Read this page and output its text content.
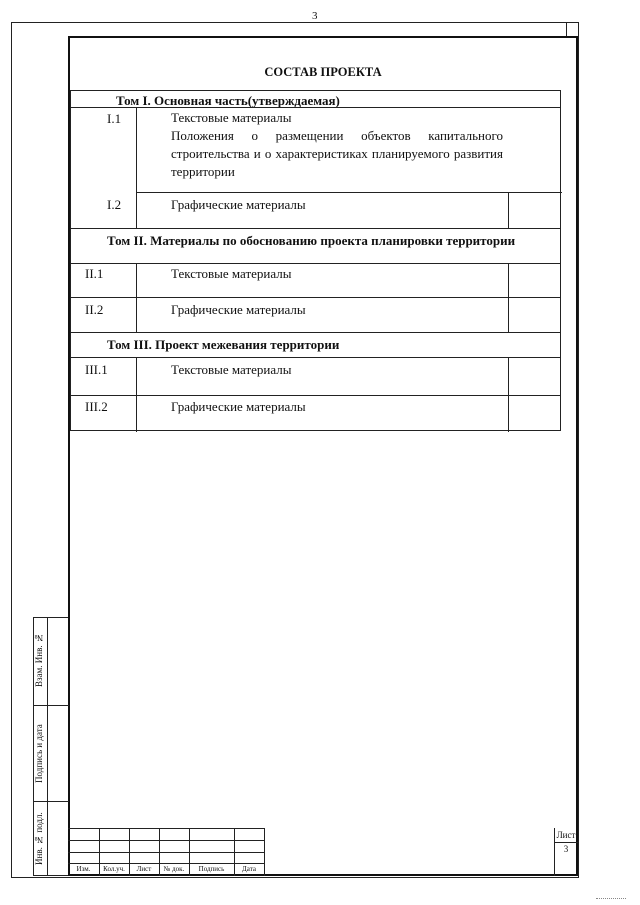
3
СОСТАВ ПРОЕКТА
Том I. Основная часть(утверждаемая)
I.1	Текстовые материалы
Положения о размещении объектов капитального строительства и о характеристиках планируемого развития территории
I.2	Графические материалы
Том II. Материалы по обоснованию проекта планировки территории
II.1	Текстовые материалы
II.2	Графические материалы
Том III. Проект межевания территории
III.1	Текстовые материалы
III.2	Графические материалы
Взам. Инв. №
Подпись и дата
Инв. № подл.
Изм.	Кол.уч.	Лист	№ док.	Подпись	Дата
Лист
3
